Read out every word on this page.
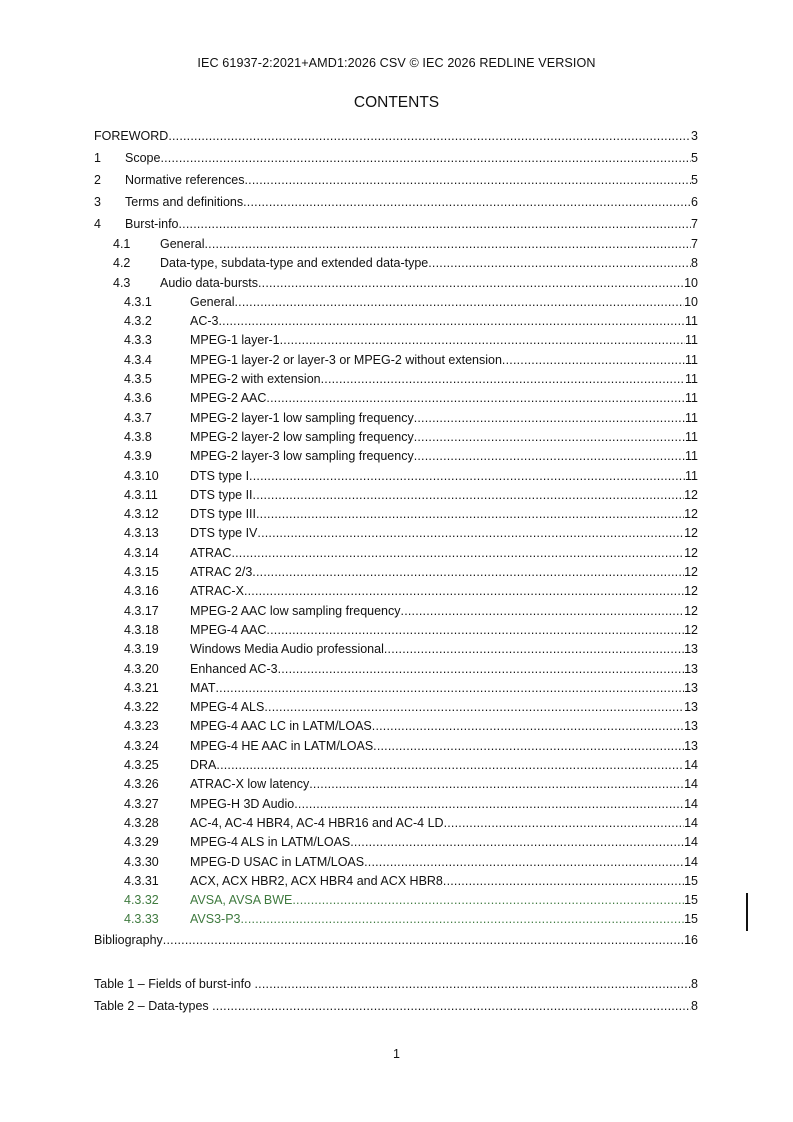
IEC 61937-2:2021+AMD1:2026 CSV © IEC 2026 REDLINE VERSION
CONTENTS
FOREWORD .....	3
1	Scope .....	5
2	Normative references .....	5
3	Terms and definitions .....	6
4	Burst-info .....	7
4.1	General .....	7
4.2	Data-type, subdata-type and extended data-type .....	8
4.3	Audio data-bursts .....	10
4.3.1	General .....	10
4.3.2	AC-3 .....	11
4.3.3	MPEG-1 layer-1 .....	11
4.3.4	MPEG-1 layer-2 or layer-3 or MPEG-2 without extension .....	11
4.3.5	MPEG-2 with extension .....	11
4.3.6	MPEG-2 AAC .....	11
4.3.7	MPEG-2 layer-1 low sampling frequency .....	11
4.3.8	MPEG-2 layer-2 low sampling frequency .....	11
4.3.9	MPEG-2 layer-3 low sampling frequency .....	11
4.3.10	DTS type I .....	11
4.3.11	DTS type II .....	12
4.3.12	DTS type III .....	12
4.3.13	DTS type IV .....	12
4.3.14	ATRAC .....	12
4.3.15	ATRAC 2/3 .....	12
4.3.16	ATRAC-X .....	12
4.3.17	MPEG-2 AAC low sampling frequency .....	12
4.3.18	MPEG-4 AAC .....	12
4.3.19	Windows Media Audio professional .....	13
4.3.20	Enhanced AC-3 .....	13
4.3.21	MAT .....	13
4.3.22	MPEG-4 ALS .....	13
4.3.23	MPEG-4 AAC LC in LATM/LOAS .....	13
4.3.24	MPEG-4 HE AAC in LATM/LOAS .....	13
4.3.25	DRA .....	14
4.3.26	ATRAC-X low latency .....	14
4.3.27	MPEG-H 3D Audio .....	14
4.3.28	AC-4, AC-4 HBR4, AC-4 HBR16 and AC-4 LD .....	14
4.3.29	MPEG-4 ALS in LATM/LOAS .....	14
4.3.30	MPEG-D USAC in LATM/LOAS .....	14
4.3.31	ACX, ACX HBR2, ACX HBR4 and ACX HBR8 .....	15
4.3.32	AVSA, AVSA BWE .....	15
4.3.33	AVS3-P3 .....	15
Bibliography .....	16
Table 1 – Fields of burst-info .....	8
Table 2 – Data-types .....	8
1
